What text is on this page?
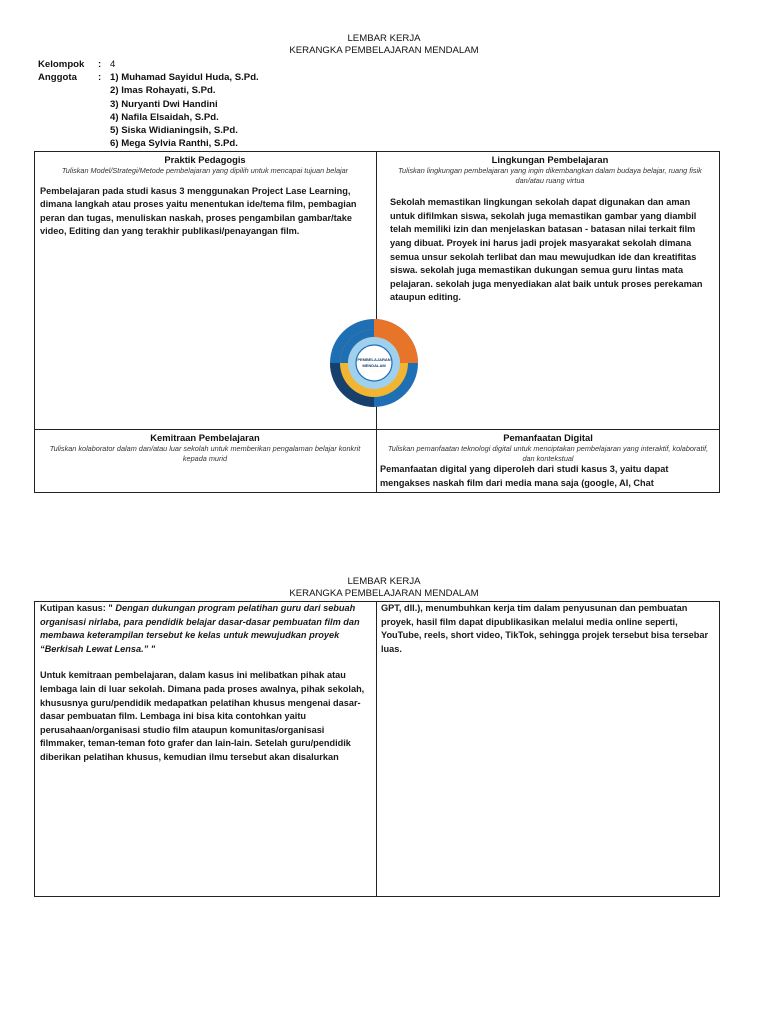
LEMBAR KERJA
KERANGKA PEMBELAJARAN MENDALAM
Kelompok	: 4
Anggota	: 1) Muhamad Sayidul Huda, S.Pd.
2) Imas Rohayati, S.Pd.
3) Nuryanti Dwi Handini
4) Nafila Elsaidah, S.Pd.
5) Siska Widianingsih, S.Pd.
6) Mega Sylvia Ranthi, S.Pd.
Praktik Pedagogis
Tuliskan Model/Strategi/Metode pembelajaran yang dipilih untuk mencapai tujuan belajar
Pembelajaran pada studi kasus 3 menggunakan Project Lase Learning, dimana langkah atau proses yaitu menentukan ide/tema film, pembagian peran dan tugas, menuliskan naskah, proses pengambilan gambar/take video, Editing dan yang terakhir publikasi/penayangan film.
Lingkungan Pembelajaran
Tuliskan lingkungan pembelajaran yang ingin dikembangkan dalam budaya belajar, ruang fisik dan/atau ruang virtua
Sekolah memastikan lingkungan sekolah dapat digunakan dan aman untuk difilmkan siswa, sekolah juga memastikan gambar yang diambil telah memiliki izin dan menjelaskan batasan - batasan nilai terkait film yang dibuat. Proyek ini harus jadi projek masyarakat sekolah dimana semua unsur sekolah terlibat dan mau mewujudkan ide dan kreatifitas siswa. sekolah juga memastikan dukungan semua guru lintas mata pelajaran. sekolah juga menyediakan alat baik untuk proses perekaman ataupun editing.
Kemitraan Pembelajaran
Tuliskan kolaborator dalam dan/atau luar sekolah untuk memberikan pengalaman belajar konkrit kepada murid
Pemanfaatan Digital
Tuliskan pemanfaatan teknologi digital untuk menciptakan pembelajaran yang interaktif, kolaboratif, dan kontekstual
Pemanfaatan digital yang diperoleh dari studi kasus 3, yaitu dapat mengakses naskah film dari media mana saja (google, AI, Chat
PEMBELAJARAN
MENDALAM
LEMBAR KERJA
KERANGKA PEMBELAJARAN MENDALAM
Kutipan kasus: " Dengan dukungan program pelatihan guru dari sebuah organisasi nirlaba, para pendidik belajar dasar-dasar pembuatan film dan membawa keterampilan tersebut ke kelas untuk mewujudkan proyek “Berkisah Lewat Lensa.” "
Untuk kemitraan pembelajaran, dalam kasus ini melibatkan pihak atau lembaga lain di luar sekolah. Dimana pada proses awalnya, pihak sekolah, khususnya guru/pendidik medapatkan pelatihan khusus mengenai dasar-dasar pembuatan film. Lembaga ini bisa kita contohkan yaitu perusahaan/organisasi studio film ataupun komunitas/organisasi filmmaker, teman-teman foto grafer dan lain-lain. Setelah guru/pendidik diberikan pelatihan khusus, kemudian ilmu tersebut akan disalurkan
GPT, dll.), menumbuhkan kerja tim dalam penyusunan dan pembuatan proyek, hasil film dapat dipublikasikan melalui media online seperti, YouTube, reels, short video, TikTok, sehingga projek tersebut bisa tersebar luas.
